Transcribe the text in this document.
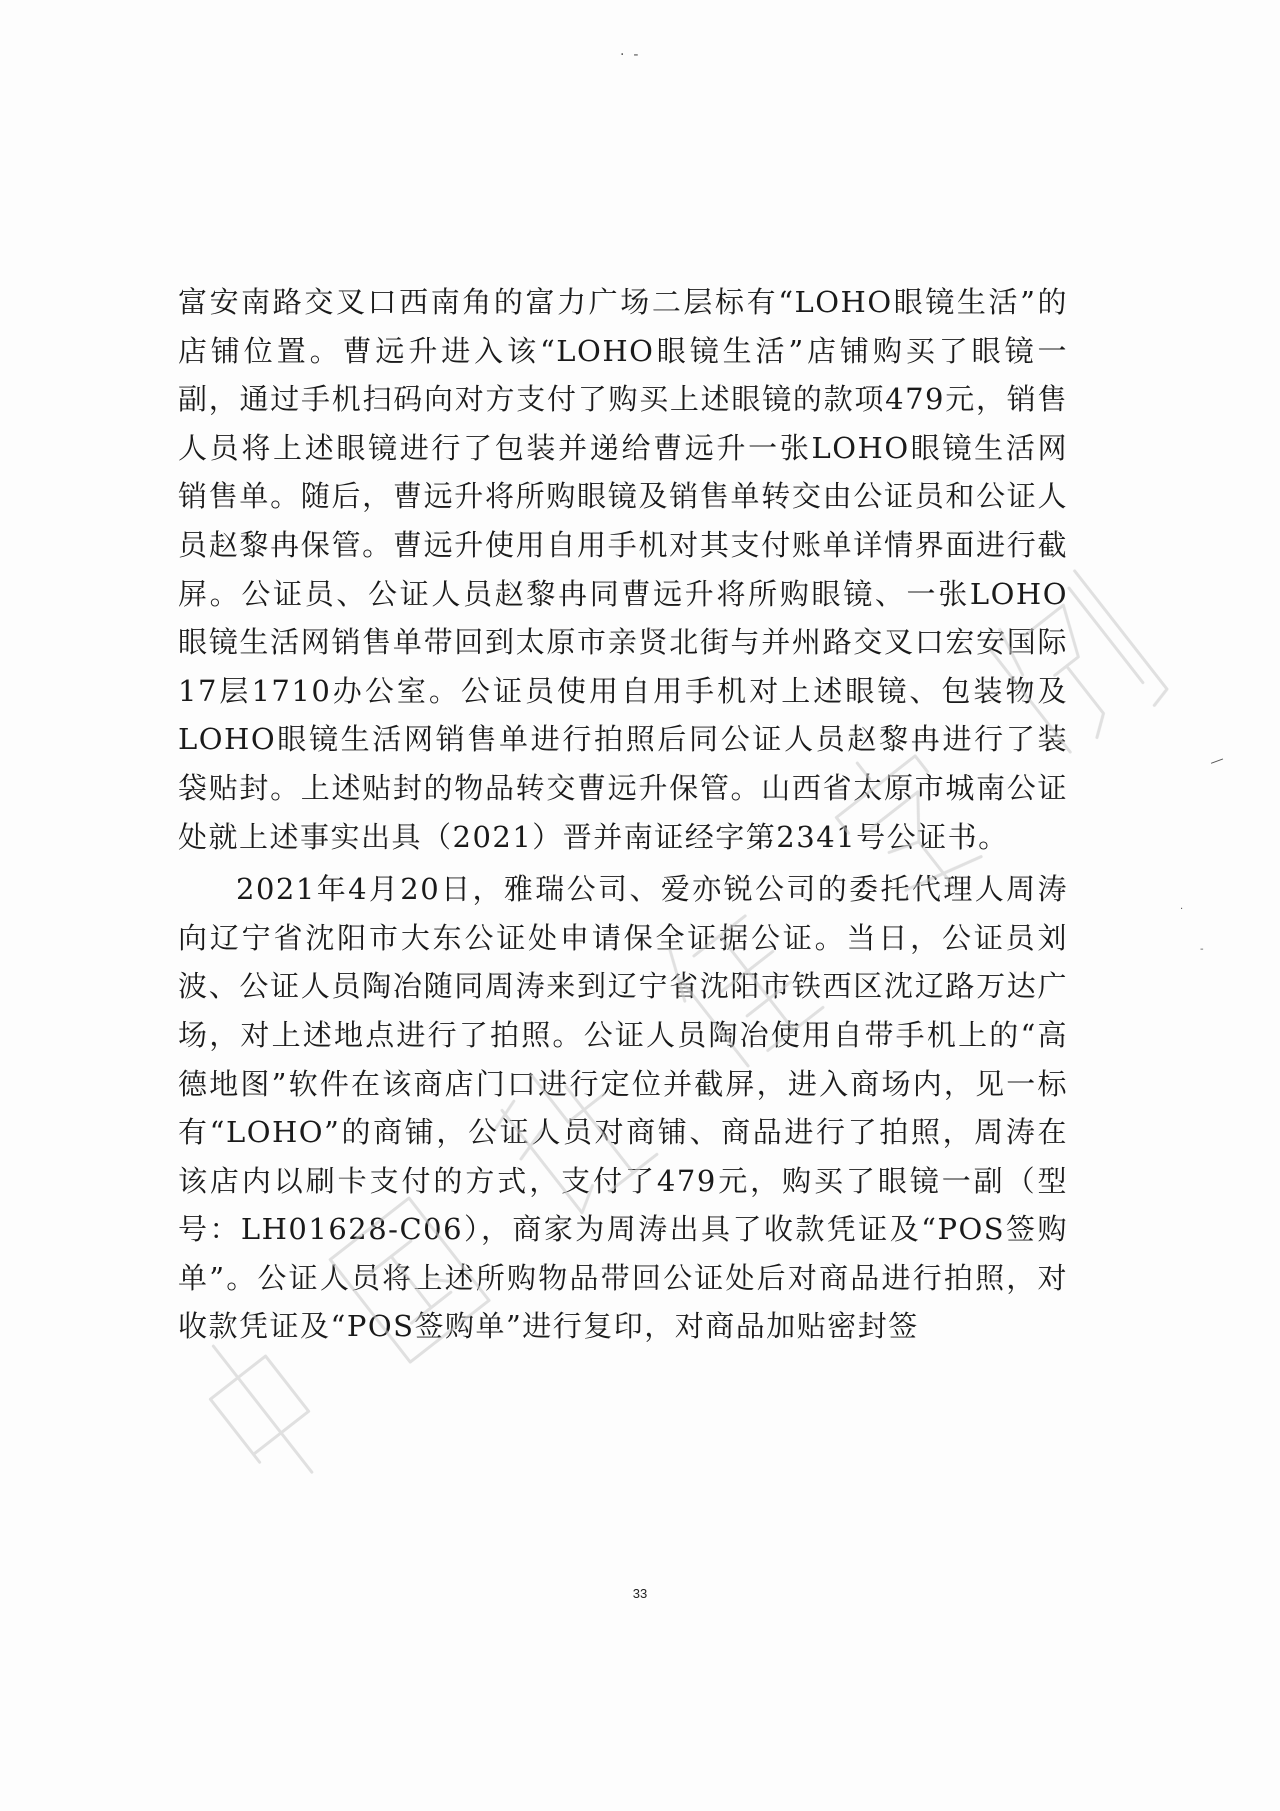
·  -
—
·
-

富安南路交叉口西南角的富力广场二层标有“LOHO眼镜生活”的店铺位置。曹远升进入该“LOHO眼镜生活”店铺购买了眼镜一副，通过手机扫码向对方支付了购买上述眼镜的款项479元，销售人员将上述眼镜进行了包装并递给曹远升一张LOHO眼镜生活网销售单。随后，曹远升将所购眼镜及销售单转交由公证员和公证人员赵黎冉保管。曹远升使用自用手机对其支付账单详情界面进行截屏。公证员、公证人员赵黎冉同曹远升将所购眼镜、一张LOHO眼镜生活网销售单带回到太原市亲贤北街与并州路交叉口宏安国际17层1710办公室。公证员使用自用手机对上述眼镜、包装物及LOHO眼镜生活网销售单进行拍照后同公证人员赵黎冉进行了装袋贴封。上述贴封的物品转交曹远升保管。山西省太原市城南公证处就上述事实出具（2021）晋并南证经字第2341号公证书。

2021年4月20日，雅瑞公司、爱亦锐公司的委托代理人周涛向辽宁省沈阳市大东公证处申请保全证据公证。当日，公证员刘波、公证人员陶冶随同周涛来到辽宁省沈阳市铁西区沈辽路万达广场，对上述地点进行了拍照。公证人员陶冶使用自带手机上的“高德地图”软件在该商店门口进行定位并截屏，进入商场内，见一标有“LOHO”的商铺，公证人员对商铺、商品进行了拍照，周涛在该店内以刷卡支付的方式，支付了479元，购买了眼镜一副（型号：LH01628-C06），商家为周涛出具了收款凭证及“POS签购单”。公证人员将上述所购物品带回公证处后对商品进行拍照，对收款凭证及“POS签购单”进行复印，对商品加贴密封签

33
